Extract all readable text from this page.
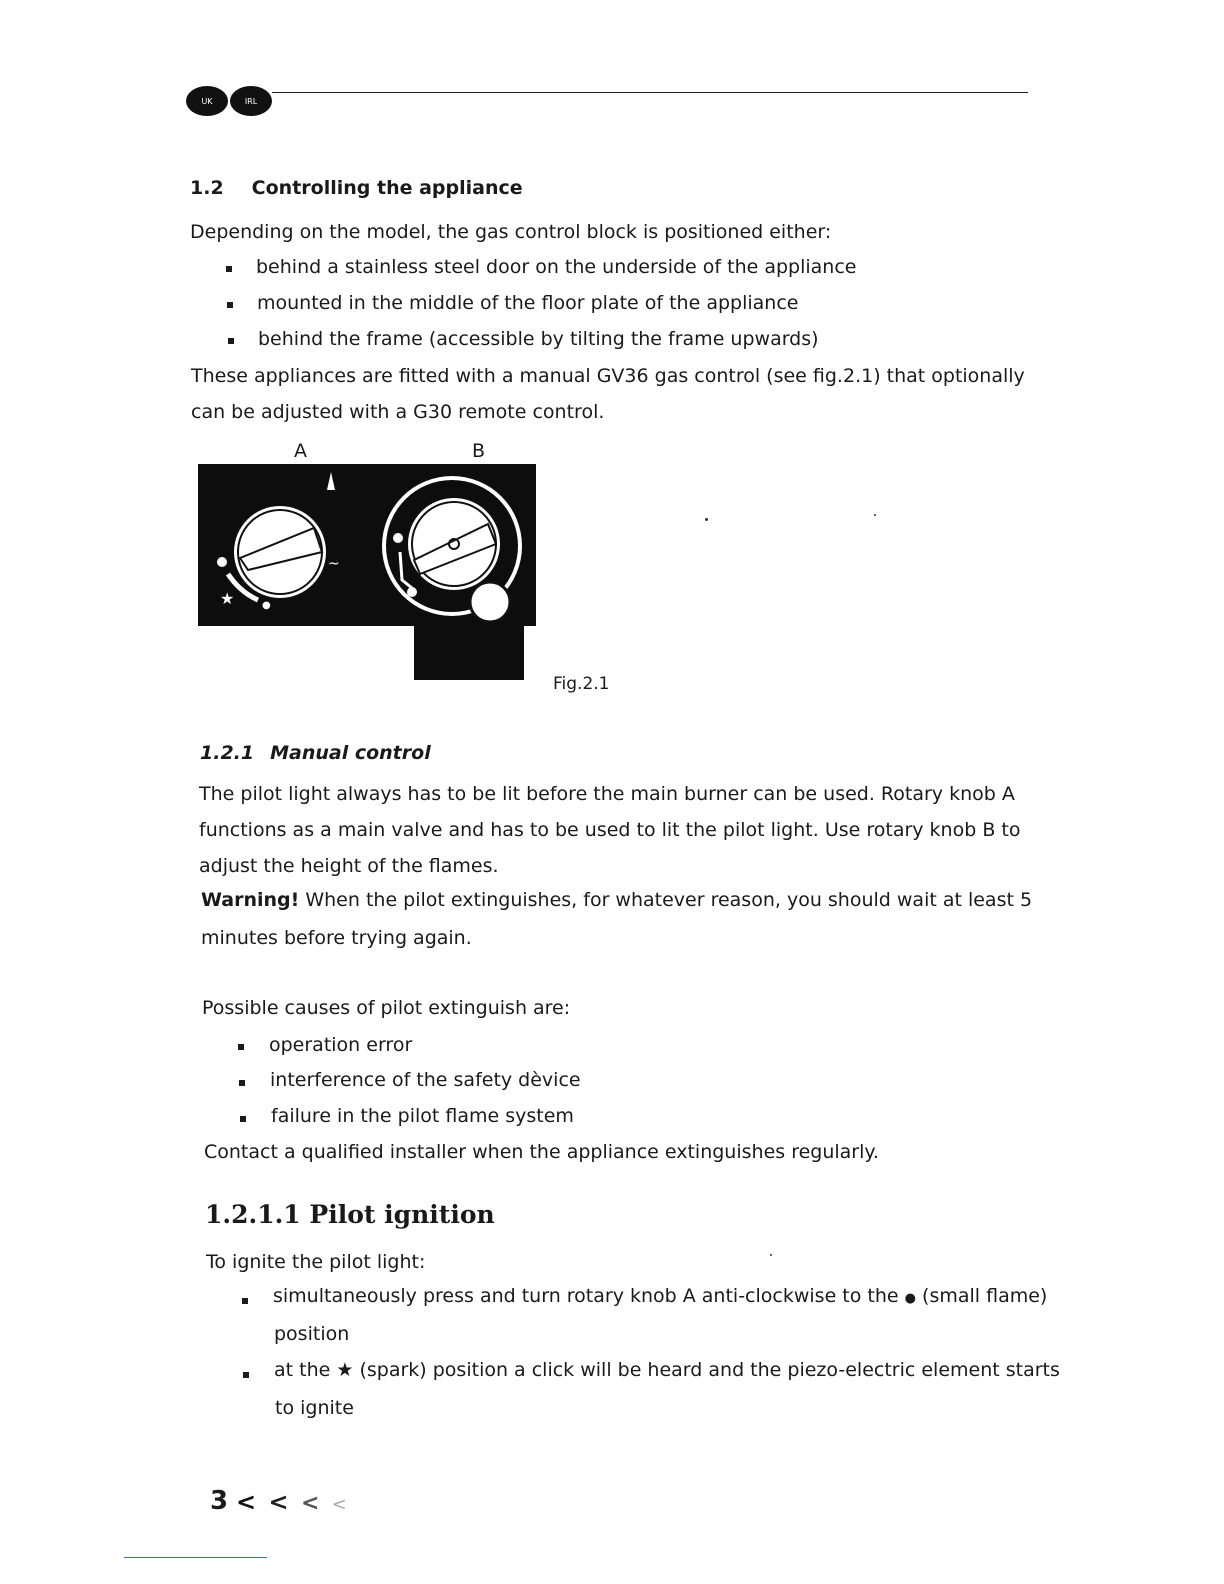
UK	IRL
1.2 Controlling the appliance
Depending on the model, the gas control block is positioned either:
behind a stainless steel door on the underside of the appliance
mounted in the middle of the floor plate of the appliance
behind the frame (accessible by tilting the frame upwards)
These appliances are fitted with a manual GV36 gas control (see fig.2.1) that optionally
can be adjusted with a G30 remote control.
A	B
★	●
~
Fig.2.1
1.2.1 Manual control
The pilot light always has to be lit before the main burner can be used. Rotary knob A
functions as a main valve and has to be used to lit the pilot light. Use rotary knob B to
adjust the height of the flames.
Warning! When the pilot extinguishes, for whatever reason, you should wait at least 5
minutes before trying again.
Possible causes of pilot extinguish are:
operation error
interference of the safety dèvice
failure in the pilot flame system
Contact a qualified installer when the appliance extinguishes regularly.
1.2.1.1 Pilot ignition
To ignite the pilot light:
simultaneously press and turn rotary knob A anti-clockwise to the ● (small flame)
position
at the ★ (spark) position a click will be heard and the piezo-electric element starts
to ignite
3 < < < <
